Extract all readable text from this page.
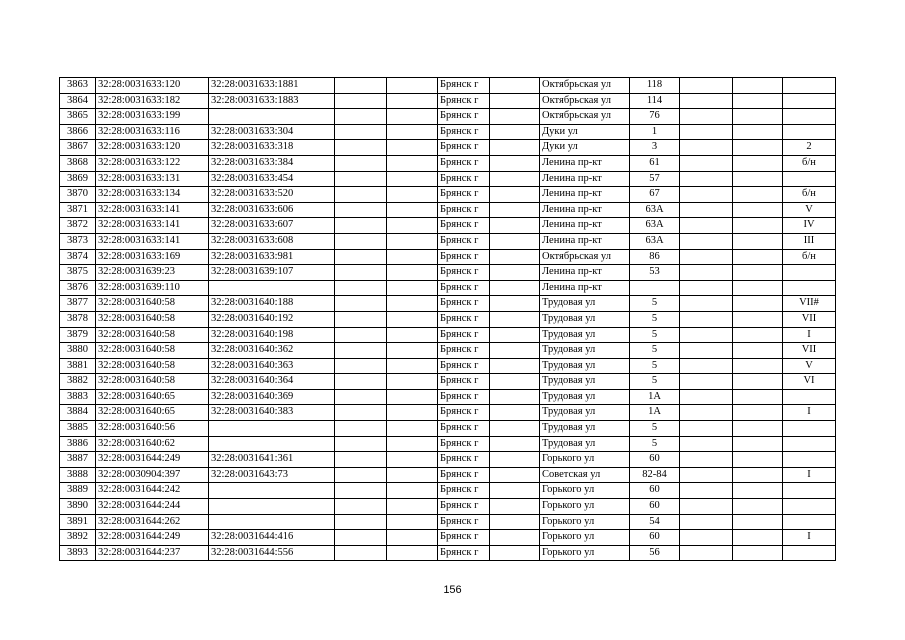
3863	32:28:0031633:120	32:28:0031633:1881			Брянск г		Октябрьская ул	118			
3864	32:28:0031633:182	32:28:0031633:1883			Брянск г		Октябрьская ул	114			
3865	32:28:0031633:199				Брянск г		Октябрьская ул	76			
3866	32:28:0031633:116	32:28:0031633:304			Брянск г		Дуки ул	1			
3867	32:28:0031633:120	32:28:0031633:318			Брянск г		Дуки ул	3			2
3868	32:28:0031633:122	32:28:0031633:384			Брянск г		Ленина пр-кт	61			б/н
3869	32:28:0031633:131	32:28:0031633:454			Брянск г		Ленина пр-кт	57			
3870	32:28:0031633:134	32:28:0031633:520			Брянск г		Ленина пр-кт	67			б/н
3871	32:28:0031633:141	32:28:0031633:606			Брянск г		Ленина пр-кт	63А			V
3872	32:28:0031633:141	32:28:0031633:607			Брянск г		Ленина пр-кт	63А			IV
3873	32:28:0031633:141	32:28:0031633:608			Брянск г		Ленина пр-кт	63А			III
3874	32:28:0031633:169	32:28:0031633:981			Брянск г		Октябрьская ул	86			б/н
3875	32:28:0031639:23	32:28:0031639:107			Брянск г		Ленина пр-кт	53			
3876	32:28:0031639:110				Брянск г		Ленина пр-кт				
3877	32:28:0031640:58	32:28:0031640:188			Брянск г		Трудовая ул	5			VII#
3878	32:28:0031640:58	32:28:0031640:192			Брянск г		Трудовая ул	5			VII
3879	32:28:0031640:58	32:28:0031640:198			Брянск г		Трудовая ул	5			I
3880	32:28:0031640:58	32:28:0031640:362			Брянск г		Трудовая ул	5			VII
3881	32:28:0031640:58	32:28:0031640:363			Брянск г		Трудовая ул	5			V
3882	32:28:0031640:58	32:28:0031640:364			Брянск г		Трудовая ул	5			VI
3883	32:28:0031640:65	32:28:0031640:369			Брянск г		Трудовая ул	1А			
3884	32:28:0031640:65	32:28:0031640:383			Брянск г		Трудовая ул	1А			I
3885	32:28:0031640:56				Брянск г		Трудовая ул	5			
3886	32:28:0031640:62				Брянск г		Трудовая ул	5			
3887	32:28:0031644:249	32:28:0031641:361			Брянск г		Горького ул	60			
3888	32:28:0030904:397	32:28:0031643:73			Брянск г		Советская ул	82-84			I
3889	32:28:0031644:242				Брянск г		Горького ул	60			
3890	32:28:0031644:244				Брянск г		Горького ул	60			
3891	32:28:0031644:262				Брянск г		Горького ул	54			
3892	32:28:0031644:249	32:28:0031644:416			Брянск г		Горького ул	60			I
3893	32:28:0031644:237	32:28:0031644:556			Брянск г		Горького ул	56			
156
